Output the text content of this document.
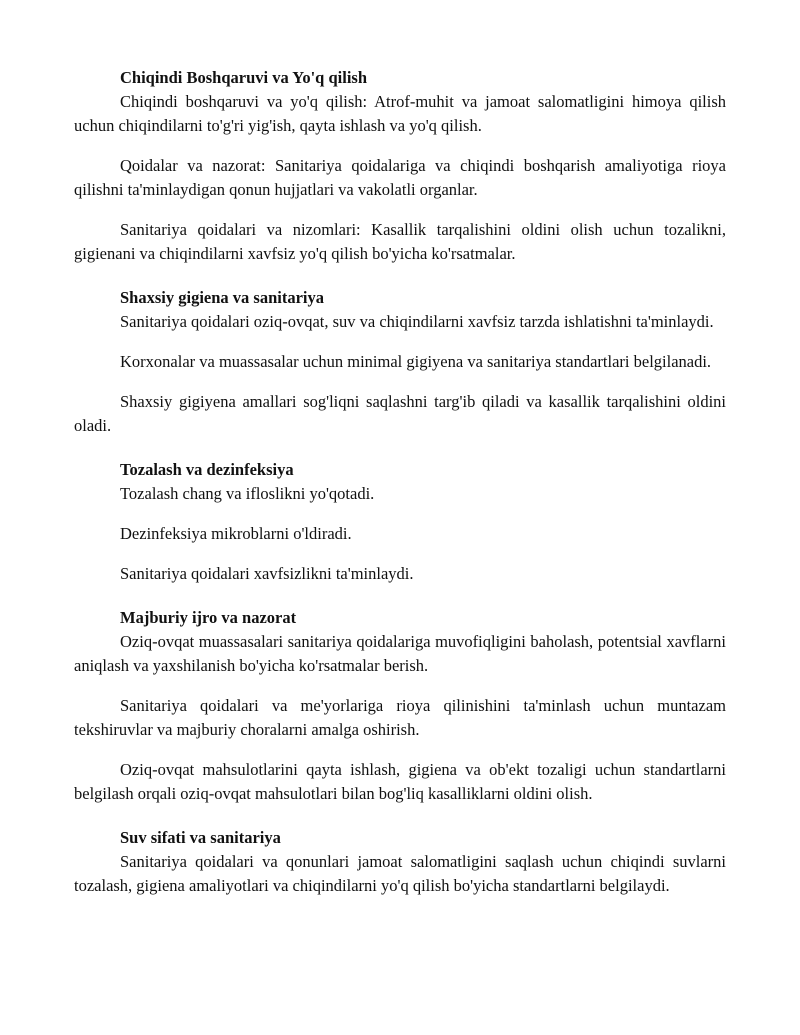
Chiqindi Boshqaruvi va Yo'q qilish

Chiqindi boshqaruvi va yo'q qilish: Atrof-muhit va jamoat salomatligini himoya qilish uchun chiqindilarni to'g'ri yig'ish, qayta ishlash va yo'q qilish.

Qoidalar va nazorat: Sanitariya qoidalariga va chiqindi boshqarish amaliyotiga rioya qilishni ta'minlaydigan qonun hujjatlari va vakolatli organlar.

Sanitariya qoidalari va nizomlari: Kasallik tarqalishini oldini olish uchun tozalikni, gigienani va chiqindilarni xavfsiz yo'q qilish bo'yicha ko'rsatmalar.

Shaxsiy gigiena va sanitariya

Sanitariya qoidalari oziq-ovqat, suv va chiqindilarni xavfsiz tarzda ishlatishni ta'minlaydi.

Korxonalar va muassasalar uchun minimal gigiyena va sanitariya standartlari belgilanadi.

Shaxsiy gigiyena amallari sog'liqni saqlashni targ'ib qiladi va kasallik tarqalishini oldini oladi.

Tozalash va dezinfeksiya

Tozalash chang va ifloslikni yo'qotadi.

Dezinfeksiya mikroblarni o'ldiradi.

Sanitariya qoidalari xavfsizlikni ta'minlaydi.

Majburiy ijro va nazorat

Oziq-ovqat muassasalari sanitariya qoidalariga muvofiqligini baholash, potentsial xavflarni aniqlash va yaxshilanish bo'yicha ko'rsatmalar berish.

Sanitariya qoidalari va me'yorlariga rioya qilinishini ta'minlash uchun muntazam tekshiruvlar va majburiy choralarni amalga oshirish.

Oziq-ovqat mahsulotlarini qayta ishlash, gigiena va ob'ekt tozaligi uchun standartlarni belgilash orqali oziq-ovqat mahsulotlari bilan bog'liq kasalliklarni oldini olish.

Suv sifati va sanitariya

Sanitariya qoidalari va qonunlari jamoat salomatligini saqlash uchun chiqindi suvlarni tozalash, gigiena amaliyotlari va chiqindilarni yo'q qilish bo'yicha standartlarni belgilaydi.
